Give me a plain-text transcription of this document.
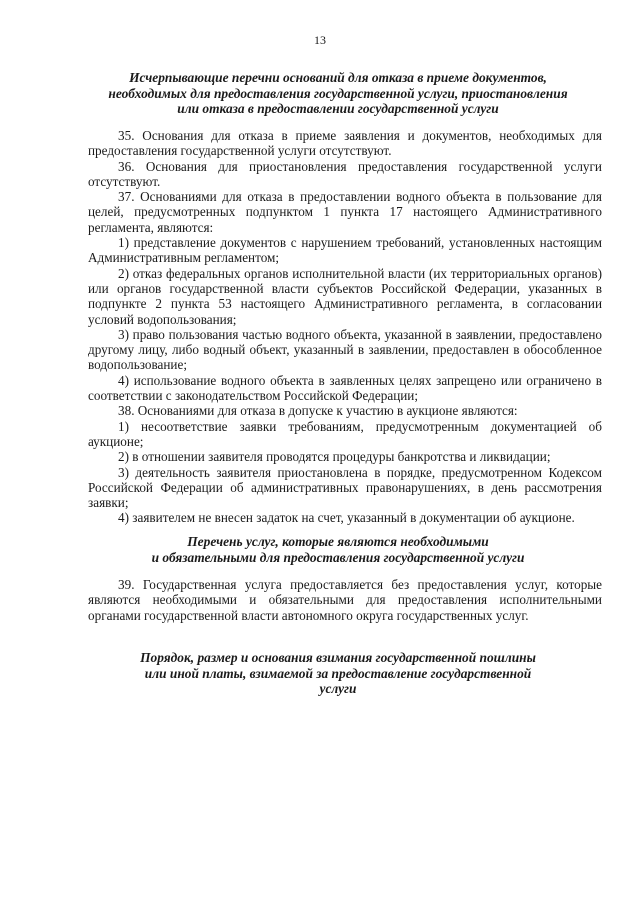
13
Исчерпывающие перечни оснований для отказа в приеме документов,
необходимых для предоставления государственной услуги, приостановления
или отказа в предоставлении государственной услуги

35. Основания для отказа в приеме заявления и документов, необходимых для предоставления государственной услуги отсутствуют.

36. Основания для приостановления предоставления государственной услуги отсутствуют.

37. Основаниями для отказа в предоставлении водного объекта в пользование для целей, предусмотренных подпунктом 1 пункта 17 настоящего Административного регламента, являются:

1) представление документов с нарушением требований, установленных настоящим Административным регламентом;

2) отказ федеральных органов исполнительной власти (их территориальных органов) или органов государственной власти субъектов Российской Федерации, указанных в подпункте 2 пункта 53 настоящего Административного регламента, в согласовании условий водопользования;

3) право пользования частью водного объекта, указанной в заявлении, предоставлено другому лицу, либо водный объект, указанный в заявлении, предоставлен в обособленное водопользование;

4) использование водного объекта в заявленных целях запрещено или ограничено в соответствии с законодательством Российской Федерации;

38. Основаниями для отказа в допуске к участию в аукционе являются:

1) несоответствие заявки требованиям, предусмотренным документацией об аукционе;

2) в отношении заявителя проводятся процедуры банкротства и ликвидации;

3) деятельность заявителя приостановлена в порядке, предусмотренном Кодексом Российской Федерации об административных правонарушениях, в день рассмотрения заявки;

4) заявителем не внесен задаток на счет, указанный в документации об аукционе.

Перечень услуг, которые являются необходимыми
и обязательными для предоставления государственной услуги

39. Государственная услуга предоставляется без предоставления услуг, которые являются необходимыми и обязательными для предоставления исполнительными органами государственной власти автономного округа государственных услуг.

Порядок, размер и основания взимания государственной пошлины
или иной платы, взимаемой за предоставление государственной
услуги
